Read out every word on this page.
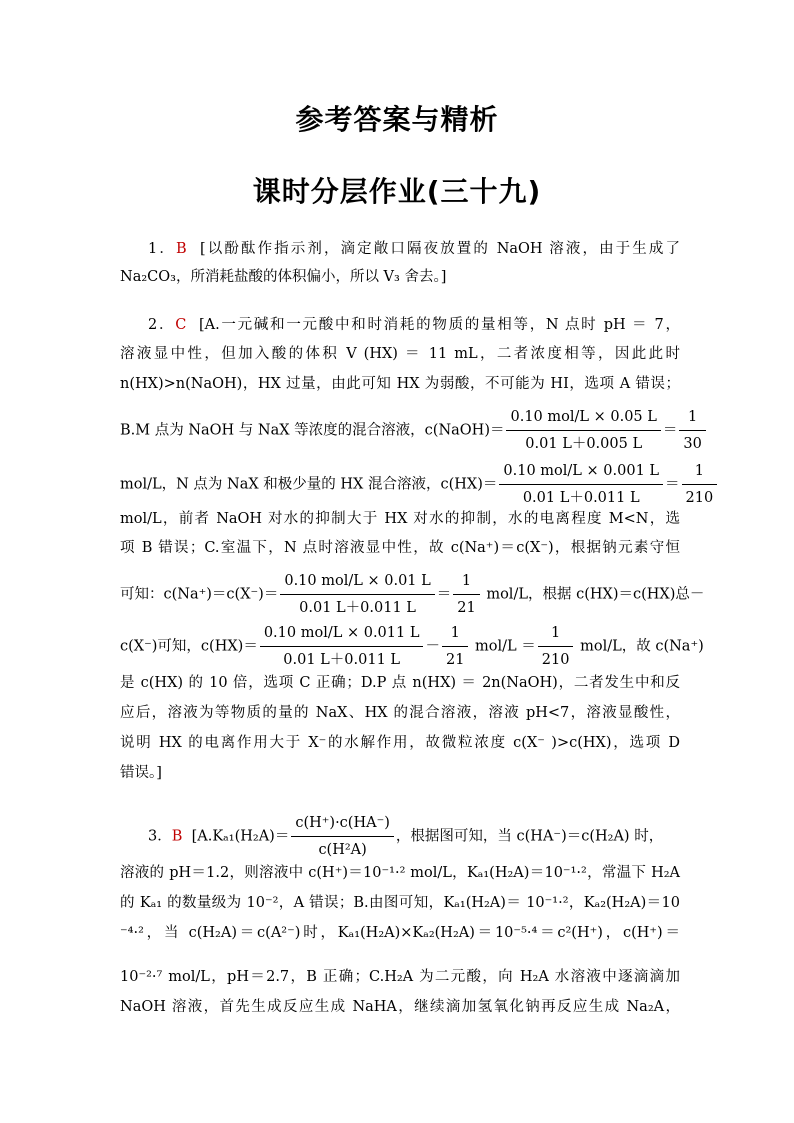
参考答案与精析
课时分层作业(三十九)
1．B [以酚酞作指示剂，滴定敞口隔夜放置的 NaOH 溶液，由于生成了
Na₂CO₃，所消耗盐酸的体积偏小，所以 V₃ 舍去。]
2．C [A.一元碱和一元酸中和时消耗的物质的量相等，N 点时 pH ＝ 7，
溶液显中性，但加入酸的体积 V (HX) ＝ 11 mL，二者浓度相等，因此此时
n(HX)>n(NaOH)，HX 过量，由此可知 HX 为弱酸，不可能为 HI，选项 A 错误；
B.M 点为 NaOH 与 NaX 等浓度的混合溶液，c(NaOH)＝ $\frac{\text{0.10 mol/L × 0.05 L}}{0.01 L+0.005 L} = \frac{1}{30}$
mol/L，N 点为 NaX 和极少量的 HX 混合溶液，$c(HX)= \frac{\text{0.10 mol/L × 0.001 L}}{0.01 L+0.011 L} = \frac{1}{210}$
mol/L，前者 NaOH 对水的抑制大于 HX 对水的抑制，水的电离程度 M<N，选
项 B 错误；C.室温下，N 点时溶液显中性，故 c(Na⁺)＝c(X⁻)，根据钠元素守恒
可知：$c(Na^+)=c(X^-)= \frac{\text{0.10 mol/L × 0.01 L}}{0.01 L+0.011 L} = \frac{1}{21} mol/L$，根据 c(HX)＝c(HX)总－
c(X⁻)可知，$c(HX)= \frac{\text{0.10 mol/L × 0.011 L}}{0.01 L+0.011 L} - \frac{1}{21} mol/L = \frac{1}{210} mol/L$，故 c(Na⁺)
是 c(HX) 的 10 倍，选项 C 正确；D.P 点 n(HX) ＝ 2n(NaOH)，二者发生中和反
应后，溶液为等物质的量的 NaX、HX 的混合溶液，溶液 pH<7，溶液显酸性，
说明 HX 的电离作用大于 X⁻的水解作用，故微粒浓度 c(X⁻ )>c(HX)，选项 D
错误。]
3．B [$A.K_{a1}(H_2A)= \frac{c(H^+)\cdot c(HA^-)}{\text{c(H²A)}}$ ，根据图可知，当 c(HA⁻)＝c(H₂A) 时，
溶液的 pH＝1.2，则溶液中 c(H⁺)＝10⁻¹·² mol/L，Kₐ₁(H₂A)＝10⁻¹·²，常温下 H₂A
的 Kₐ₁ 的数量级为 10⁻²，A 错误；B.由图可知，Kₐ₁(H₂A)＝ 10⁻¹·²，Kₐ₂(H₂A)＝10
⁻⁴·²，当 c(H₂A)＝c(A²⁻)时，Kₐ₁(H₂A)×Kₐ₂(H₂A)＝10⁻⁵·⁴＝c²(H⁺)，c(H⁺)＝
10⁻²·⁷ mol/L，pH＝2.7，B 正确；C.H₂A 为二元酸，向 H₂A 水溶液中逐滴滴加
NaOH 溶液，首先生成反应生成 NaHA，继续滴加氢氧化钠再反应生成 Na₂A，
